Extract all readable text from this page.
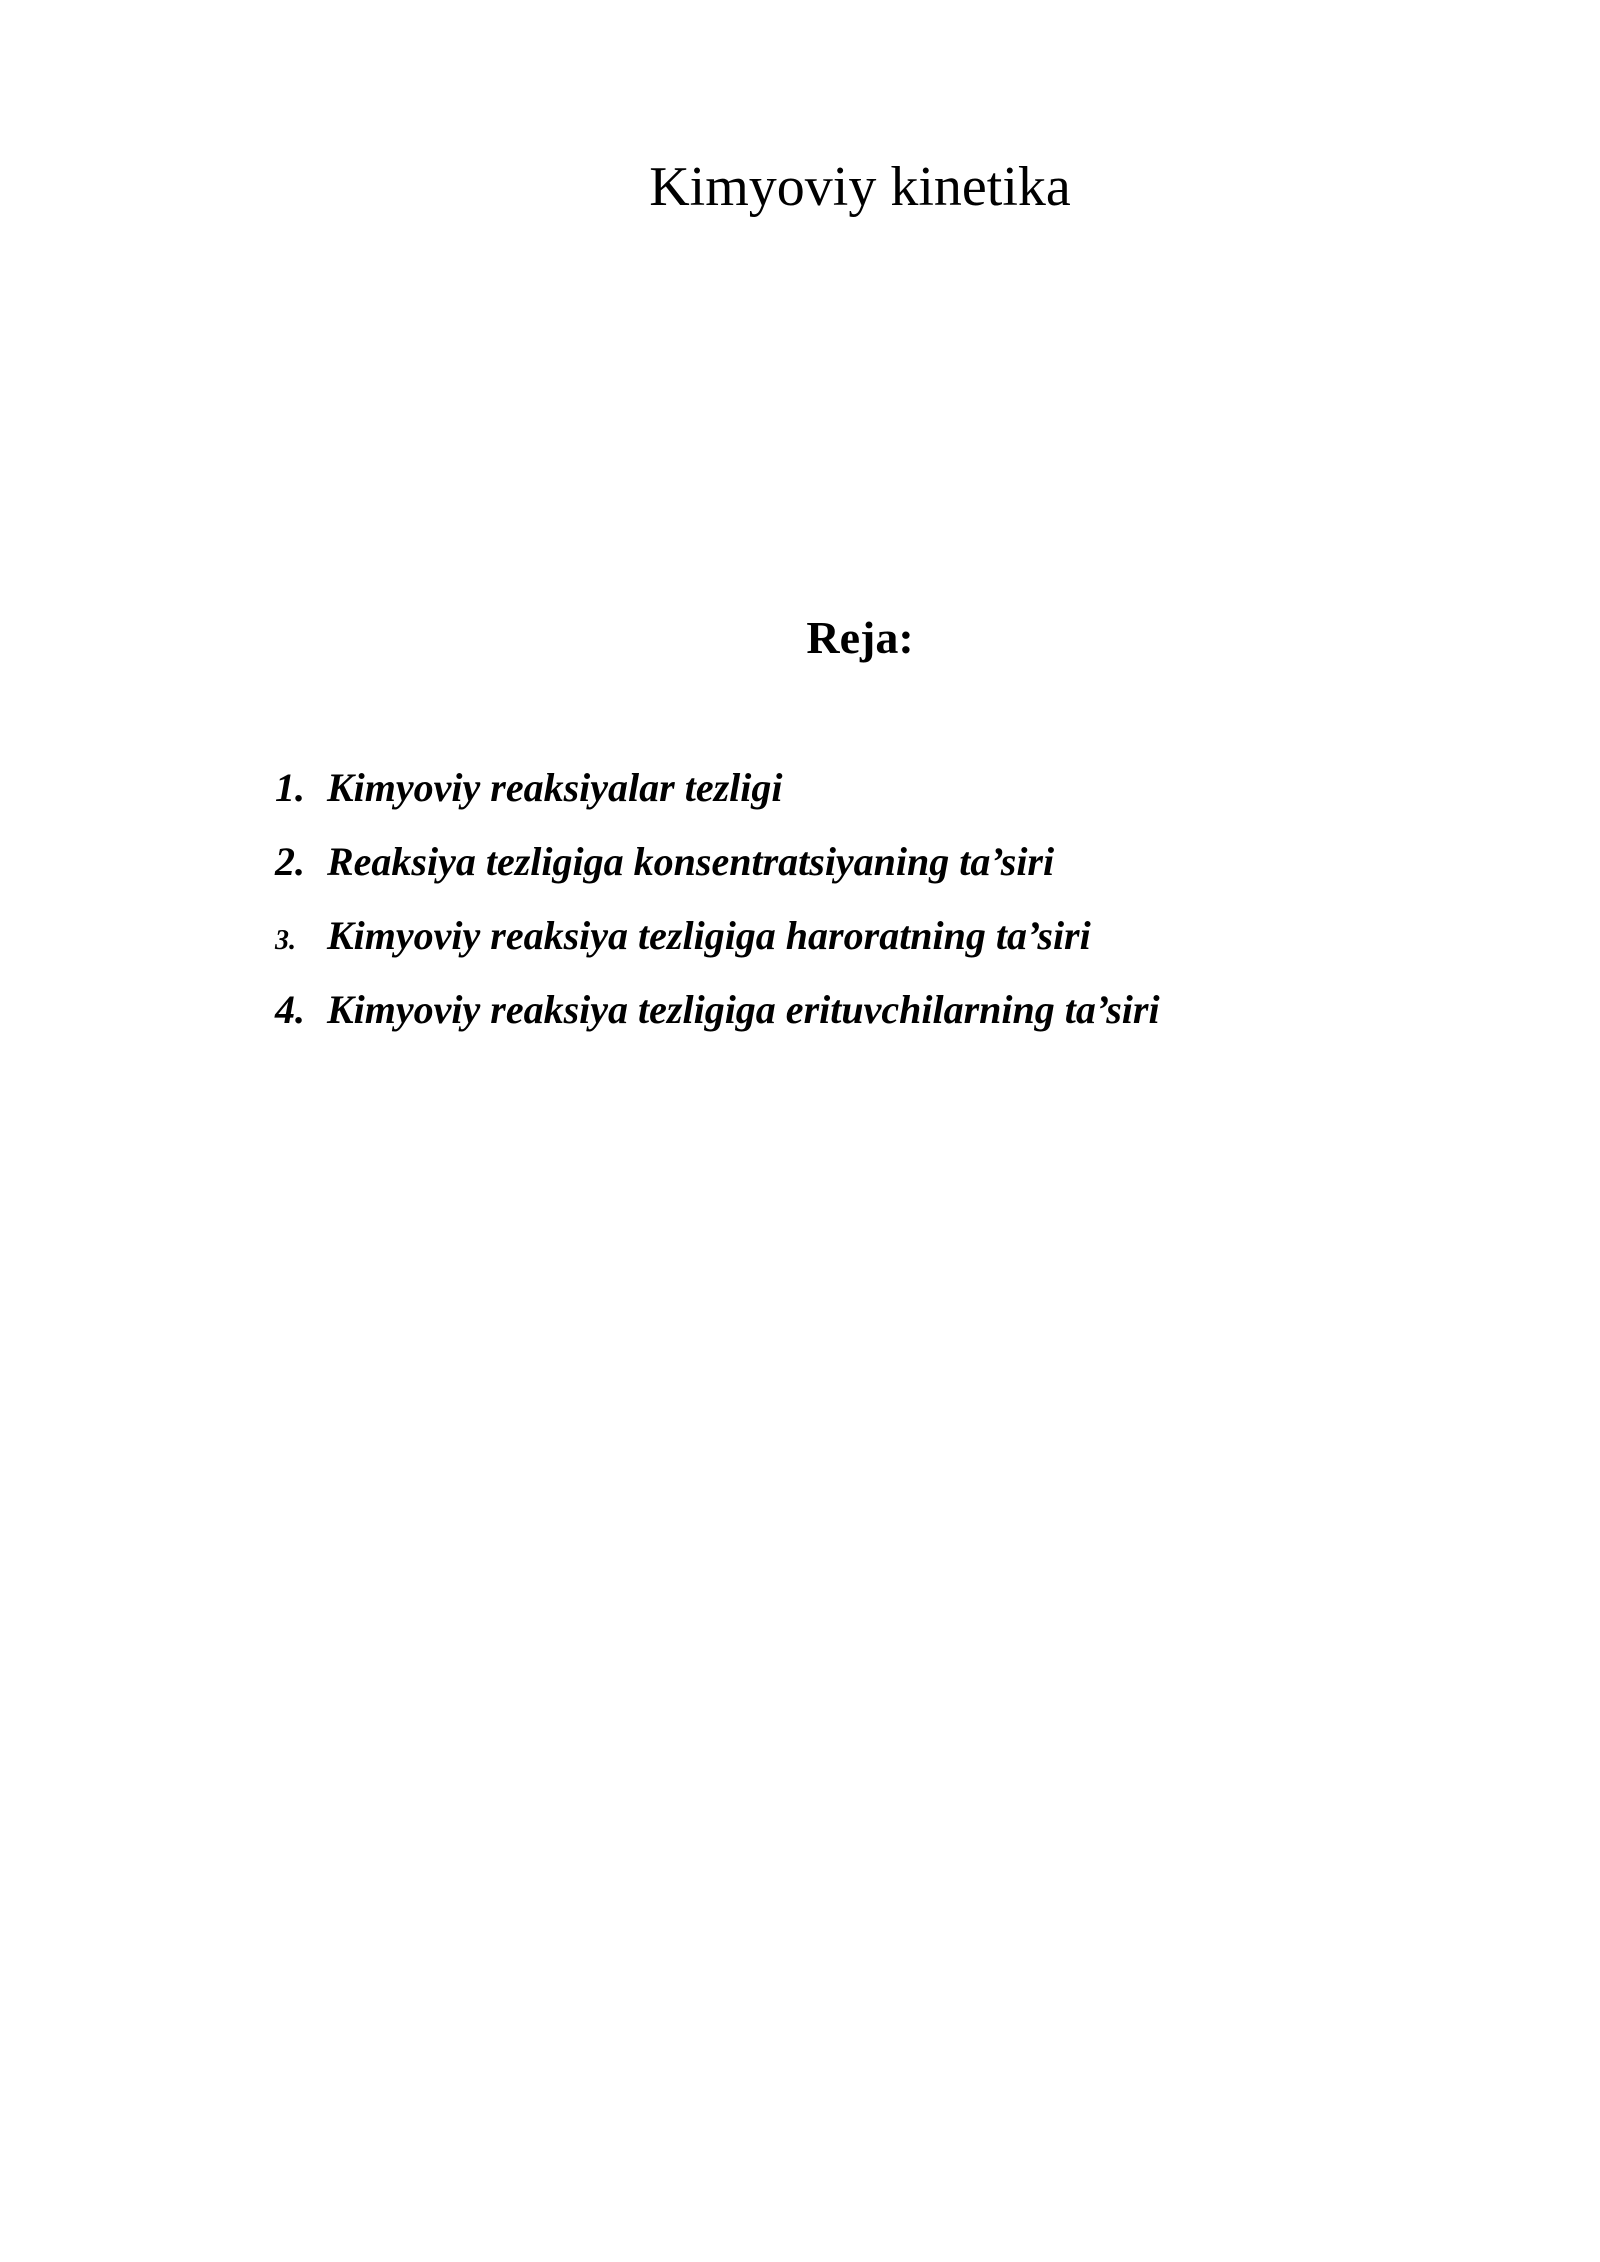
Kimyoviy kinetika
Reja:
1. Kimyoviy reaksiyalar tezligi
2. Reaksiya tezligiga konsentratsiyaning ta’siri
3. Kimyoviy reaksiya tezligiga haroratning ta’siri
4. Kimyoviy reaksiya tezligiga erituvchilarning ta’siri
